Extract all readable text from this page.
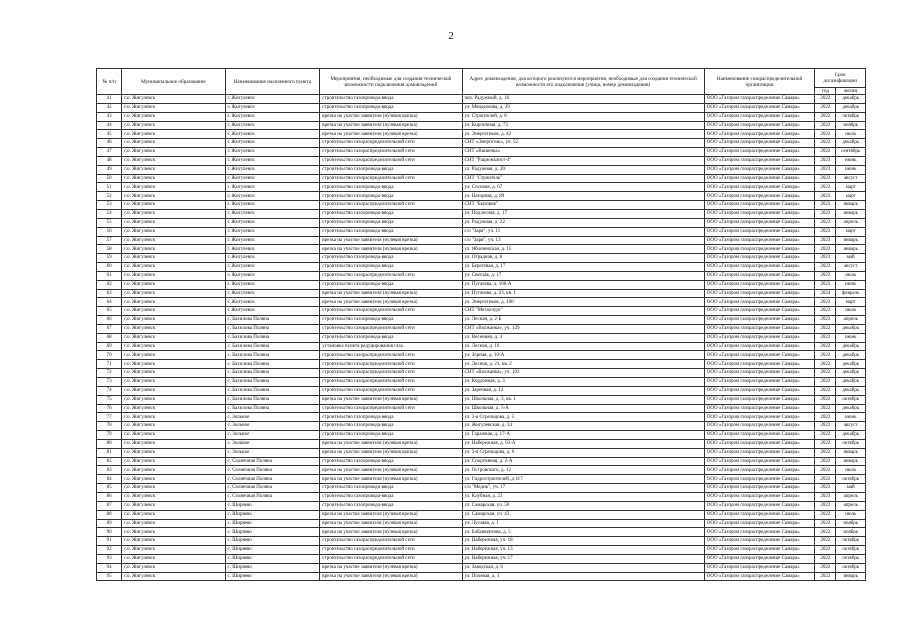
2
№ п/п	Муниципальное образование	Наименование населенного пункта	Мероприятия, необходимые для создания технической возможности подключения домовладений	Адрес домовладения, для которого реализуются мероприятия, необходимые для создания технической возможности его подключения (улица, номер домовладения)	Наименование газораспределительной организации	Срок догазификации	
						год	месяц
41	г.о. Жигулевск	г. Жигулевск	строительство газопровода-ввода	пер. Радужный, д. 16	ООО «Газпром газораспределение Самара»	2022	декабрь
42	г.о. Жигулевск	г. Жигулевск	строительство газопровода-ввода	ул. Менделеева, д. 29	ООО «Газпром газораспределение Самара»	2022	декабрь
43	г.о. Жигулевск	г. Жигулевск	врезка на участке заявителя (нулевая врезка)	ул. Строителей, д. 8	ООО «Газпром газораспределение Самара»	2022	октябрь
44	г.о. Жигулевск	г. Жигулевск	врезка на участке заявителя (нулевая врезка)	ул. Кирпичная, д. 73	ООО «Газпром газораспределение Самара»	2022	ноябрь
45	г.о. Жигулевск	г. Жигулевск	врезка на участке заявителя (нулевая врезка)	ул. Энергетиков, д. 42	ООО «Газпром газораспределение Самара»	2022	июль
46	г.о. Жигулевск	г. Жигулевск	строительство газораспределительной сети	СНТ «Энергетик», уч. 52	ООО «Газпром газораспределение Самара»	2022	декабрь
47	г.о. Жигулевск	г. Жигулевск	строительство газораспределительной сети	СНТ «Вишенка»	ООО «Газпром газораспределение Самара»	2022	сентябрь
48	г.о. Жигулевск	г. Жигулевск	строительство газораспределительной сети	СНТ "Рационалист-4"	ООО «Газпром газораспределение Самара»	2023	июнь
49	г.о. Жигулевск	г. Жигулевск	строительство газопровода-ввода	ул. Радужная, д. 20	ООО «Газпром газораспределение Самара»	2023	июнь
50	г.о. Жигулевск	г. Жигулевск	строительство газораспределительной сети	СНТ "Строитель"	ООО «Газпром газораспределение Самара»	2023	август
51	г.о. Жигулевск	г. Жигулевск	строительство газопровода-ввода	ул. Соснова, д. 67	ООО «Газпром газораспределение Самара»	2023	март
52	г.о. Жигулевск	г. Жигулевск	строительство газопровода-ввода	ул. Нагорная, д. 89	ООО «Газпром газораспределение Самара»	2023	март
53	г.о. Жигулевск	г. Жигулевск	строительство газораспределительной сети	СНТ "Бытовик"	ООО «Газпром газораспределение Самара»	2023	январь
54	г.о. Жигулевск	г. Жигулевск	строительство газопровода-ввода	ул. Подлесная, д. 17	ООО «Газпром газораспределение Самара»	2023	январь
55	г.о. Жигулевск	г. Жигулевск	строительство газопровода-ввода	ул. Радужная, д. 22	ООО «Газпром газораспределение Самара»	2023	апрель
56	г.о. Жигулевск	г. Жигулевск	строительство газопровода-ввода	с/о "Заря", уч. 11	ООО «Газпром газораспределение Самара»	2023	март
57	г.о. Жигулевск	г. Жигулевск	врезка на участке заявителя (нулевая врезка)	с/о "Заря", уч. 13	ООО «Газпром газораспределение Самара»	2023	январь
58	г.о. Жигулевск	г. Жигулевск	врезка на участке заявителя (нулевая врезка)	ул. Яблоневская, д. 15	ООО «Газпром газораспределение Самара»	2023	январь
59	г.о. Жигулевск	г. Жигулевск	строительство газопровода-ввода	ул. Отрадная, д. 8	ООО «Газпром газораспределение Самара»	2023	май
60	г.о. Жигулевск	г. Жигулевск	строительство газопровода-ввода	ул. Береговая, д. 17	ООО «Газпром газораспределение Самара»	2023	август
61	г.о. Жигулевск	г. Жигулевск	строительство газораспределительной сети	ул. Светлая, д. 17	ООО «Газпром газораспределение Самара»	2023	июль
62	г.о. Жигулевск	г. Жигулевск	строительство газопровода-ввода	ул. Пугачева, д. 106-А	ООО «Газпром газораспределение Самара»	2023	июнь
63	г.о. Жигулевск	г. Жигулевск	врезка на участке заявителя (нулевая врезка)	ул. Пугачева, д. 33, кв. 1	ООО «Газпром газораспределение Самара»	2024	февраль
64	г.о. Жигулевск	г. Жигулевск	врезка на участке заявителя (нулевая врезка)	ул. Энергетиков, д. 100	ООО «Газпром газораспределение Самара»	2023	март
65	г.о. Жигулевск	г. Жигулевск	строительство газораспределительной сети	СНТ "Металлург"	ООО «Газпром газораспределение Самара»	2023	июль
66	г.о. Жигулевск	с. Бахилова Поляна	строительство газопровода-ввода	ул. Лесная, д. 2-Б	ООО «Газпром газораспределение Самара»	2023	апрель
67	г.о. Жигулевск	с. Бахилова Поляна	строительство газораспределительной сети	СНТ «Волжанка», уч. 129	ООО «Газпром газораспределение Самара»	2022	декабрь
68	г.о. Жигулевск	с. Бахилова Поляна	строительство газопровода-ввода	ул. Весенняя, д. 4	ООО «Газпром газораспределение Самара»	2022	июнь
69	г.о. Жигулевск	с. Бахилова Поляна	установка пункта редуцирования газа	ул. Лесная, д. 16	ООО «Газпром газораспределение Самара»	2022	декабрь
70	г.о. Жигулевск	с. Бахилова Поляна	строительство газораспределительной сети	ул. Зорная, д. 10-А	ООО «Газпром газораспределение Самара»	2022	декабрь
71	г.о. Жигулевск	с. Бахилова Поляна	строительство газораспределительной сети	ул. Лесная, д. 21, кв. 2	ООО «Газпром газораспределение Самара»	2022	декабрь
72	г.о. Жигулевск	с. Бахилова Поляна	строительство газораспределительной сети	СНТ «Волжанка», уч. 103	ООО «Газпром газораспределение Самара»	2022	декабрь
73	г.о. Жигулевск	с. Бахилова Поляна	строительство газораспределительной сети	ул. Кордонная, д. 3	ООО «Газпром газораспределение Самара»	2022	декабрь
74	г.о. Жигулевск	с. Бахилова Поляна	строительство газораспределительной сети	ул. Заречная, д. 12	ООО «Газпром газораспределение Самара»	2022	декабрь
75	г.о. Жигулевск	с. Бахилова Поляна	врезка на участке заявителя (нулевая врезка)	ул. Школьная, д. 3, кв. 1	ООО «Газпром газораспределение Самара»	2022	октябрь
76	г.о. Жигулевск	с. Бахилова Поляна	строительство газораспределительной сети	ул. Школьная, д. 5-А	ООО «Газпром газораспределение Самара»	2022	декабрь
77	г.о. Жигулевск	с. Зольное	строительство газопровода-ввода	ул. 3-я Стрельцова, д. 5	ООО «Газпром газораспределение Самара»	2022	июнь
78	г.о. Жигулевск	с. Зольное	строительство газопровода-ввода	ул. Жигулевская, д. 34	ООО «Газпром газораспределение Самара»	2022	август
79	г.о. Жигулевск	с. Зольное	строительство газопровода-ввода	ул. Гаражная, д. 17-А	ООО «Газпром газораспределение Самара»	2022	декабрь
80	г.о. Жигулевск	с. Зольное	врезка на участке заявителя (нулевая врезка)	ул. Набережная, д. 63-А	ООО «Газпром газораспределение Самара»	2022	октябрь
81	г.о. Жигулевск	с. Зольное	врезка на участке заявителя (нулевая врезка)	ул. 3-я Стрельцова, д. 6	ООО «Газпром газораспределение Самара»	2022	январь
82	г.о. Жигулевск	с. Солнечная Поляна	строительство газопровода-ввода	ул. Спортивная, д. 2-А	ООО «Газпром газораспределение Самара»	2022	январь
83	г.о. Жигулевск	с. Солнечная Поляна	врезка на участке заявителя (нулевая врезка)	ул. Островского, д. 12	ООО «Газпром газораспределение Самара»	2022	июль
84	г.о. Жигулевск	с. Солнечная Поляна	врезка на участке заявителя (нулевая врезка)	ул. Гидростроителей, д. 8/7	ООО «Газпром газораспределение Самара»	2022	октябрь
85	г.о. Жигулевск	с. Солнечная Поляна	строительство газопровода-ввода	с/о "Медик", уч. 17	ООО «Газпром газораспределение Самара»	2023	май
86	г.о. Жигулевск	с. Солнечная Поляна	строительство газопровода-ввода	ул. Клубная, д. 23	ООО «Газпром газораспределение Самара»	2023	апрель
87	г.о. Жигулевск	с. Ширяево	строительство газопровода-ввода	ул. Самарская, уч. 50	ООО «Газпром газораспределение Самара»	2022	апрель
88	г.о. Жигулевск	с. Ширяево	врезка на участке заявителя (нулевая врезка)	ул. Самарская, уч. 43	ООО «Газпром газораспределение Самара»	2022	июль
89	г.о. Жигулевск	с. Ширяево	врезка на участке заявителя (нулевая врезка)	ул. Луговая, д. 1	ООО «Газпром газораспределение Самара»	2022	ноябрь
90	г.о. Жигулевск	с. Ширяево	врезка на участке заявителя (нулевая врезка)	ул. Бабанкентова, д. 5	ООО «Газпром газораспределение Самара»	2022	ноябрь
91	г.о. Жигулевск	с. Ширяево	строительство газораспределительной сети	ул. Набережная, уч. 18	ООО «Газпром газораспределение Самара»	2022	октябрь
92	г.о. Жигулевск	с. Ширяево	строительство газораспределительной сети	ул. Набережная, уч. 13	ООО «Газпром газораспределение Самара»	2022	октябрь
93	г.о. Жигулевск	с. Ширяево	строительство газораспределительной сети	ул. Набережная, уч. 17	ООО «Газпром газораспределение Самара»	2022	октябрь
94	г.о. Жигулевск	с. Ширяево	врезка на участке заявителя (нулевая врезка)	ул. Заводская, д. 6	ООО «Газпром газораспределение Самара»	2022	октябрь
95	г.о. Жигулевск	с. Ширяево	врезка на участке заявителя (нулевая врезка)	ул. Полевая, д. 1	ООО «Газпром газораспределение Самара»	2022	январь
